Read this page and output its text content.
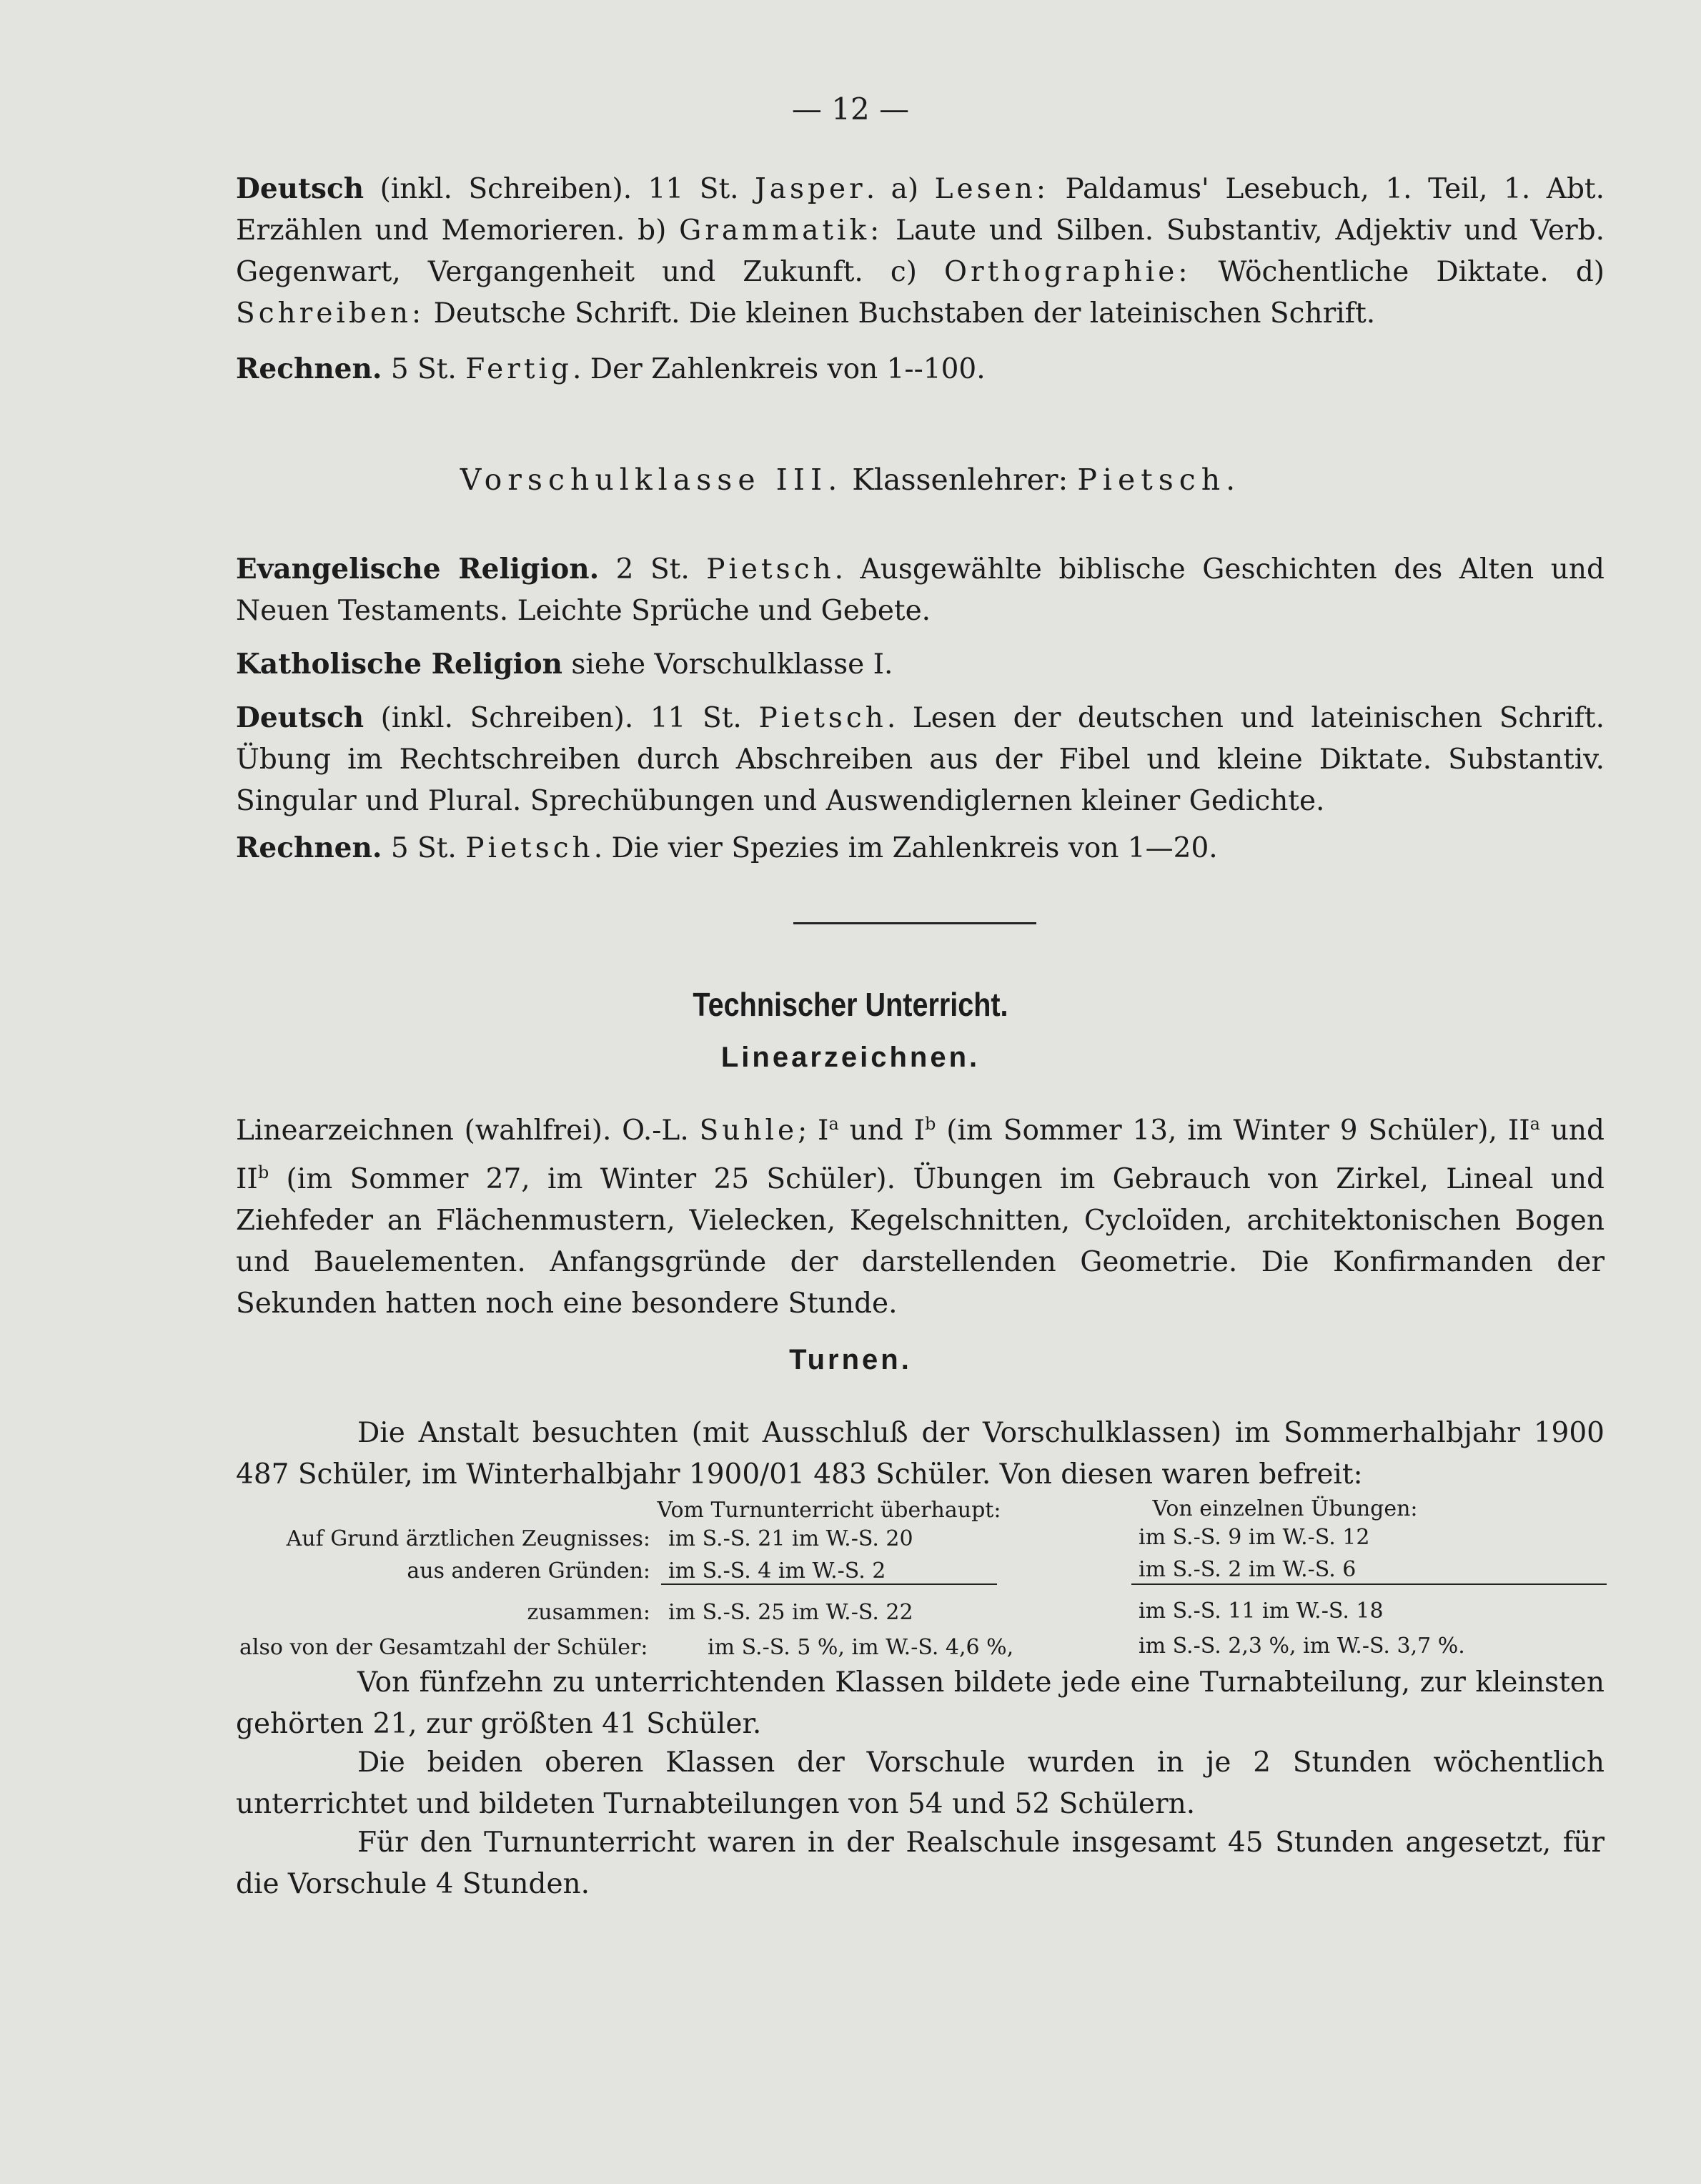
— 12 —
Deutsch (inkl. Schreiben). 11 St. Jasper. a) Lesen: Paldamus' Lesebuch, 1. Teil, 1. Abt. Erzählen und Memorieren. b) Grammatik: Laute und Silben. Substantiv, Adjektiv und Verb. Gegenwart, Vergangenheit und Zukunft. c) Orthographie: Wöchentliche Diktate. d) Schreiben: Deutsche Schrift. Die kleinen Buchstaben der lateinischen Schrift.
Rechnen. 5 St. Fertig. Der Zahlenkreis von 1--100.
Vorschulklasse III. Klassenlehrer: Pietsch.
Evangelische Religion. 2 St. Pietsch. Ausgewählte biblische Geschichten des Alten und Neuen Testaments. Leichte Sprüche und Gebete.
Katholische Religion siehe Vorschulklasse I.
Deutsch (inkl. Schreiben). 11 St. Pietsch. Lesen der deutschen und lateinischen Schrift. Übung im Rechtschreiben durch Abschreiben aus der Fibel und kleine Diktate. Substantiv. Singular und Plural. Sprechübungen und Auswendiglernen kleiner Gedichte.
Rechnen. 5 St. Pietsch. Die vier Spezies im Zahlenkreis von 1—20.
Technischer Unterricht.
Linearzeichnen.
Linearzeichnen (wahlfrei). O.-L. Suhle; $I^a$ und $I^b$ (im Sommer 13, im Winter 9 Schüler), $II^a$ und $II^b$ (im Sommer 27, im Winter 25 Schüler). Übungen im Gebrauch von Zirkel, Lineal und Ziehfeder an Flächenmustern, Vielecken, Kegelschnitten, Cycloïden, architektonischen Bogen und Bauelementen. Anfangsgründe der darstellenden Geometrie. Die Konfirmanden der Sekunden hatten noch eine besondere Stunde.
Turnen.
Die Anstalt besuchten (mit Ausschluß der Vorschulklassen) im Sommerhalbjahr 1900 487 Schüler, im Winterhalbjahr 1900/01 483 Schüler. Von diesen waren befreit:
Vom Turnunterricht überhaupt:	Von einzelnen Übungen:
Auf Grund ärztlichen Zeugnisses: im S.-S. 21 im W.-S. 20	im S.-S. 9 im W.-S. 12
aus anderen Gründen: im S.-S. 4 im W.-S. 2	im S.-S. 2 im W.-S. 6
zusammen: im S.-S. 25 im W.-S. 22	im S.-S. 11 im W.-S. 18
also von der Gesamtzahl der Schüler:	im S.-S. 5 %, im W.-S. 4,6 %,	im S.-S. 2,3 %, im W.-S. 3,7 %.
Von fünfzehn zu unterrichtenden Klassen bildete jede eine Turnabteilung, zur kleinsten gehörten 21, zur größten 41 Schüler.
Die beiden oberen Klassen der Vorschule wurden in je 2 Stunden wöchentlich unterrichtet und bildeten Turnabteilungen von 54 und 52 Schülern.
Für den Turnunterricht waren in der Realschule insgesamt 45 Stunden angesetzt, für die Vorschule 4 Stunden.
